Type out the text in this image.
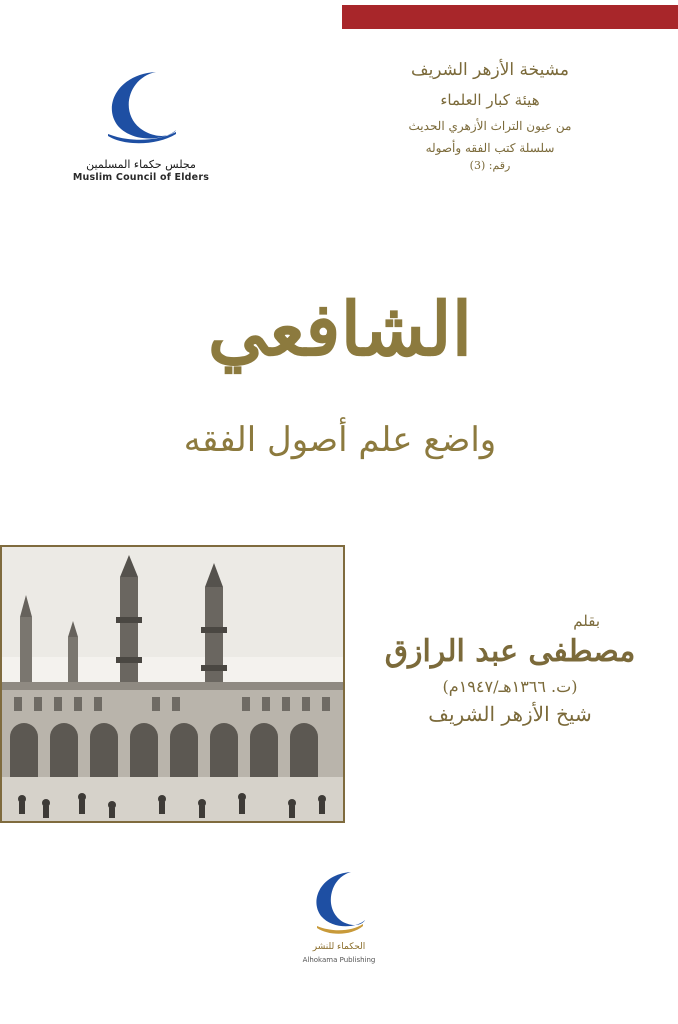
مجلس حكماء المسلمين
Muslim Council of Elders
مشيخة الأزهر الشريف
هيئة كبار العلماء
من عيون التراث الأزهري الحديث
سلسلة كتب الفقه وأصوله
رقم: (3)
الشافعي
واضع علم أصول الفقه
بقلم
مصطفى عبد الرازق
(ت. ١٣٦٦هـ/١٩٤٧م)
شيخ الأزهر الشريف
الحكماء للنشر
Alhokama Publishing
